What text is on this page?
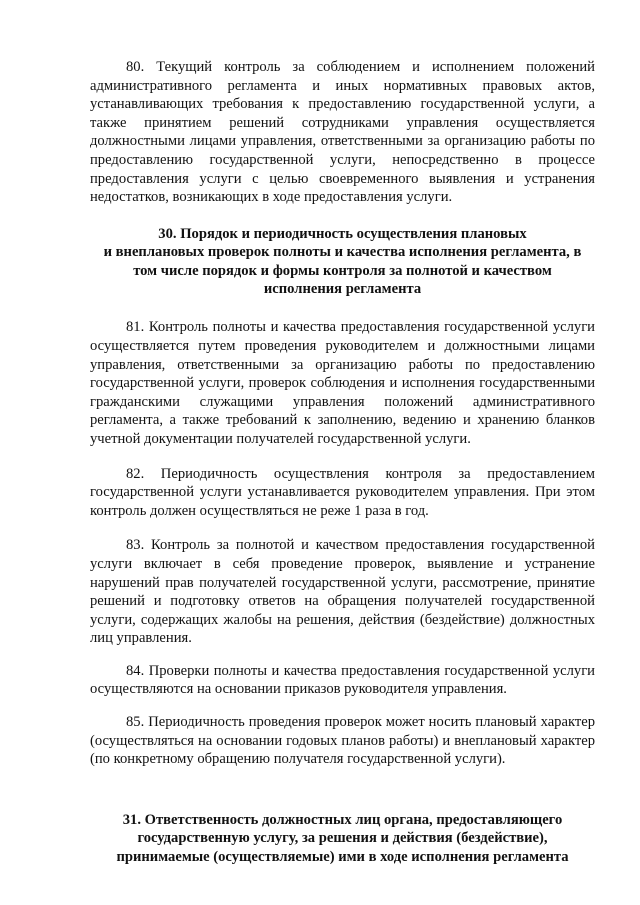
80. Текущий контроль за соблюдением и исполнением положений административного регламента и иных нормативных правовых актов, устанавливающих требования к предоставлению государственной услуги, а также принятием решений сотрудниками управления осуществляется должностными лицами управления, ответственными за организацию работы по предоставлению государственной услуги, непосредственно в процессе предоставления услуги с целью своевременного выявления и устранения недостатков, возникающих в ходе предоставления услуги.

30. Порядок и периодичность осуществления плановых
и внеплановых проверок полноты и качества исполнения регламента, в
том числе порядок и формы контроля за полнотой и качеством
исполнения регламента

81. Контроль полноты и качества предоставления государственной услуги осуществляется путем проведения руководителем и должностными лицами управления, ответственными за организацию работы по предоставлению государственной услуги, проверок соблюдения и исполнения государственными гражданскими служащими управления положений административного регламента, а также требований к заполнению, ведению и хранению бланков учетной документации получателей государственной услуги.

82. Периодичность осуществления контроля за предоставлением государственной услуги устанавливается руководителем управления. При этом контроль должен осуществляться не реже 1 раза в год.

83. Контроль за полнотой и качеством предоставления государственной услуги включает в себя проведение проверок, выявление и устранение нарушений прав получателей государственной услуги, рассмотрение, принятие решений и подготовку ответов на обращения получателей государственной услуги, содержащих жалобы на решения, действия (бездействие) должностных лиц управления.

84. Проверки полноты и качества предоставления государственной услуги осуществляются на основании приказов руководителя управления.

85. Периодичность проведения проверок может носить плановый характер (осуществляться на основании годовых планов работы) и внеплановый характер (по конкретному обращению получателя государственной услуги).

31. Ответственность должностных лиц органа, предоставляющего
государственную услугу, за решения и действия (бездействие),
принимаемые (осуществляемые) ими в ходе исполнения регламента
